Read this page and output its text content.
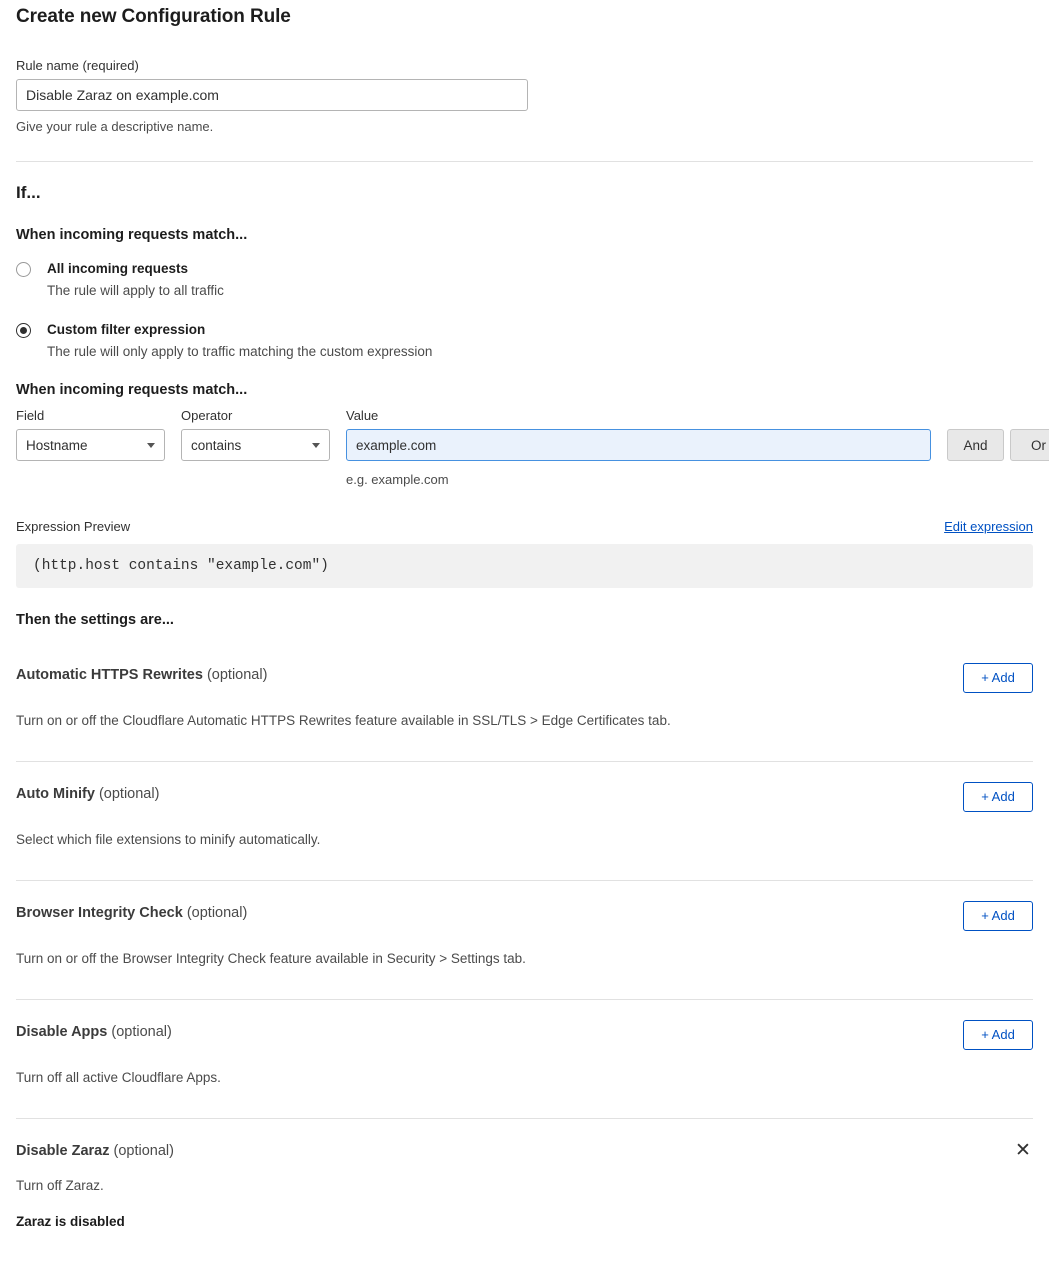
Create new Configuration Rule
Rule name (required)
Disable Zaraz on example.com
Give your rule a descriptive name.
If...
When incoming requests match...
All incoming requests
The rule will apply to all traffic
Custom filter expression
The rule will only apply to traffic matching the custom expression
When incoming requests match...
Field
Hostname
Operator
contains
Value
example.com
e.g. example.com

And
	Or
Expression Preview	Edit expression
(http.host contains "example.com")
Then the settings are...
Automatic HTTPS Rewrites (optional)	+ Add
Turn on or off the Cloudflare Automatic HTTPS Rewrites feature available in SSL/TLS > Edge Certificates tab.
Auto Minify (optional)	+ Add
Select which file extensions to minify automatically.
Browser Integrity Check (optional)	+ Add
Turn on or off the Browser Integrity Check feature available in Security > Settings tab.
Disable Apps (optional)	+ Add
Turn off all active Cloudflare Apps.
Disable Zaraz (optional)	✕
Turn off Zaraz.
Zaraz is disabled
